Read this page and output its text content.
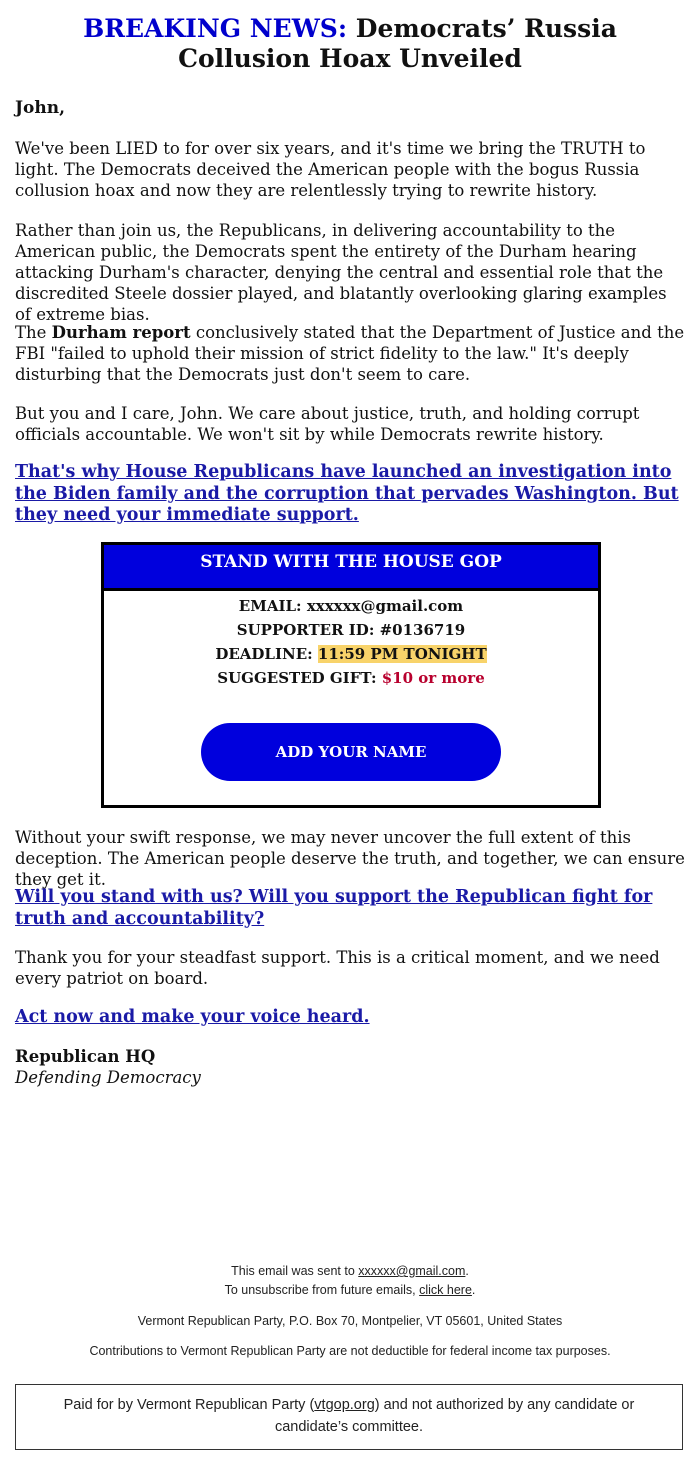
BREAKING NEWS: Democrats’ Russia Collusion Hoax Unveiled

John,

We've been LIED to for over six years, and it's time we bring the TRUTH to light. The Democrats deceived the American people with the bogus Russia collusion hoax and now they are relentlessly trying to rewrite history.

Rather than join us, the Republicans, in delivering accountability to the American public, the Democrats spent the entirety of the Durham hearing attacking Durham's character, denying the central and essential role that the discredited Steele dossier played, and blatantly overlooking glaring examples of extreme bias.

The Durham report conclusively stated that the Department of Justice and the FBI "failed to uphold their mission of strict fidelity to the law." It's deeply disturbing that the Democrats just don't seem to care.

But you and I care, John. We care about justice, truth, and holding corrupt officials accountable. We won't sit by while Democrats rewrite history.

That's why House Republicans have launched an investigation into the Biden family and the corruption that pervades Washington. But they need your immediate support.

STAND WITH THE HOUSE GOP
EMAIL: xxxxxx@gmail.com
SUPPORTER ID: #0136719
DEADLINE: 11:59 PM TONIGHT
SUGGESTED GIFT: $10 or more
ADD YOUR NAME

Without your swift response, we may never uncover the full extent of this deception. The American people deserve the truth, and together, we can ensure they get it.

Will you stand with us? Will you support the Republican fight for truth and accountability?

Thank you for your steadfast support. This is a critical moment, and we need every patriot on board.

Act now and make your voice heard.

Republican HQ
Defending Democracy
This email was sent to xxxxxx@gmail.com.
To unsubscribe from future emails, click here.
Vermont Republican Party, P.O. Box 70, Montpelier, VT 05601, United States
Contributions to Vermont Republican Party are not deductible for federal income tax purposes.
Paid for by Vermont Republican Party (vtgop.org) and not authorized by any candidate or candidate’s committee.
